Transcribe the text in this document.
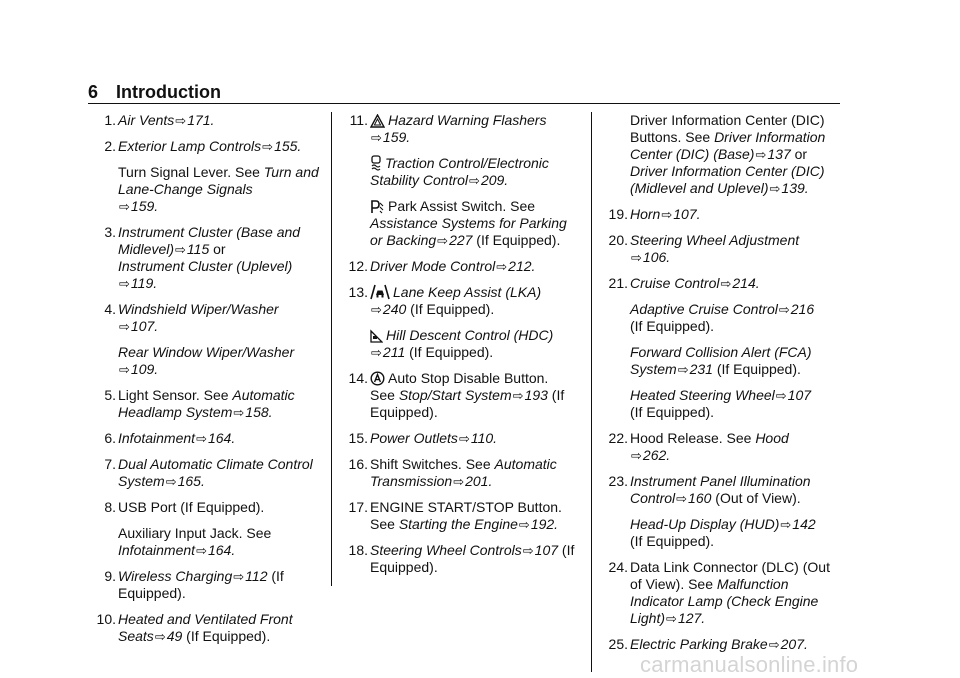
6 Introduction
1. Air Vents⇨171.
2. Exterior Lamp Controls⇨155.
Turn Signal Lever. See Turn and Lane-Change Signals
⇨159.
3. Instrument Cluster (Base and Midlevel)⇨115 or
Instrument Cluster (Uplevel)
⇨119.
4. Windshield Wiper/Washer
⇨107.
Rear Window Wiper/Washer
⇨109.
5. Light Sensor. See Automatic Headlamp System⇨158.
6. Infotainment⇨164.
7. Dual Automatic Climate Control System⇨165.
8. USB Port (If Equipped).
Auxiliary Input Jack. See
Infotainment⇨164.
9. Wireless Charging⇨112 (If Equipped).
10. Heated and Ventilated Front Seats⇨49 (If Equipped).
11.	Hazard Warning Flashers
⇨159.
Traction Control/Electronic Stability Control⇨209.
Park Assist Switch. See Assistance Systems for Parking or Backing⇨227 (If Equipped).
12. Driver Mode Control⇨212.
13.	Lane Keep Assist (LKA)
⇨240 (If Equipped).
Hill Descent Control (HDC)
⇨211 (If Equipped).
14.	Auto Stop Disable Button. See Stop/Start System⇨193 (If Equipped).
15. Power Outlets⇨110.
16. Shift Switches. See Automatic Transmission⇨201.
17. ENGINE START/STOP Button. See Starting the Engine⇨192.
18. Steering Wheel Controls⇨107 (If Equipped).
Driver Information Center (DIC) Buttons. See Driver Information Center (DIC) (Base)⇨137 or Driver Information Center (DIC) (Midlevel and Uplevel)⇨139.
19. Horn⇨107.
20. Steering Wheel Adjustment
⇨106.
21. Cruise Control⇨214.
Adaptive Cruise Control⇨216
(If Equipped).
Forward Collision Alert (FCA) System⇨231 (If Equipped).
Heated Steering Wheel⇨107
(If Equipped).
22. Hood Release. See Hood
⇨262.
23. Instrument Panel Illumination Control⇨160 (Out of View).
Head-Up Display (HUD)⇨142
(If Equipped).
24. Data Link Connector (DLC) (Out of View). See Malfunction Indicator Lamp (Check Engine Light)⇨127.
25. Electric Parking Brake⇨207.
carmanualsonline.info
